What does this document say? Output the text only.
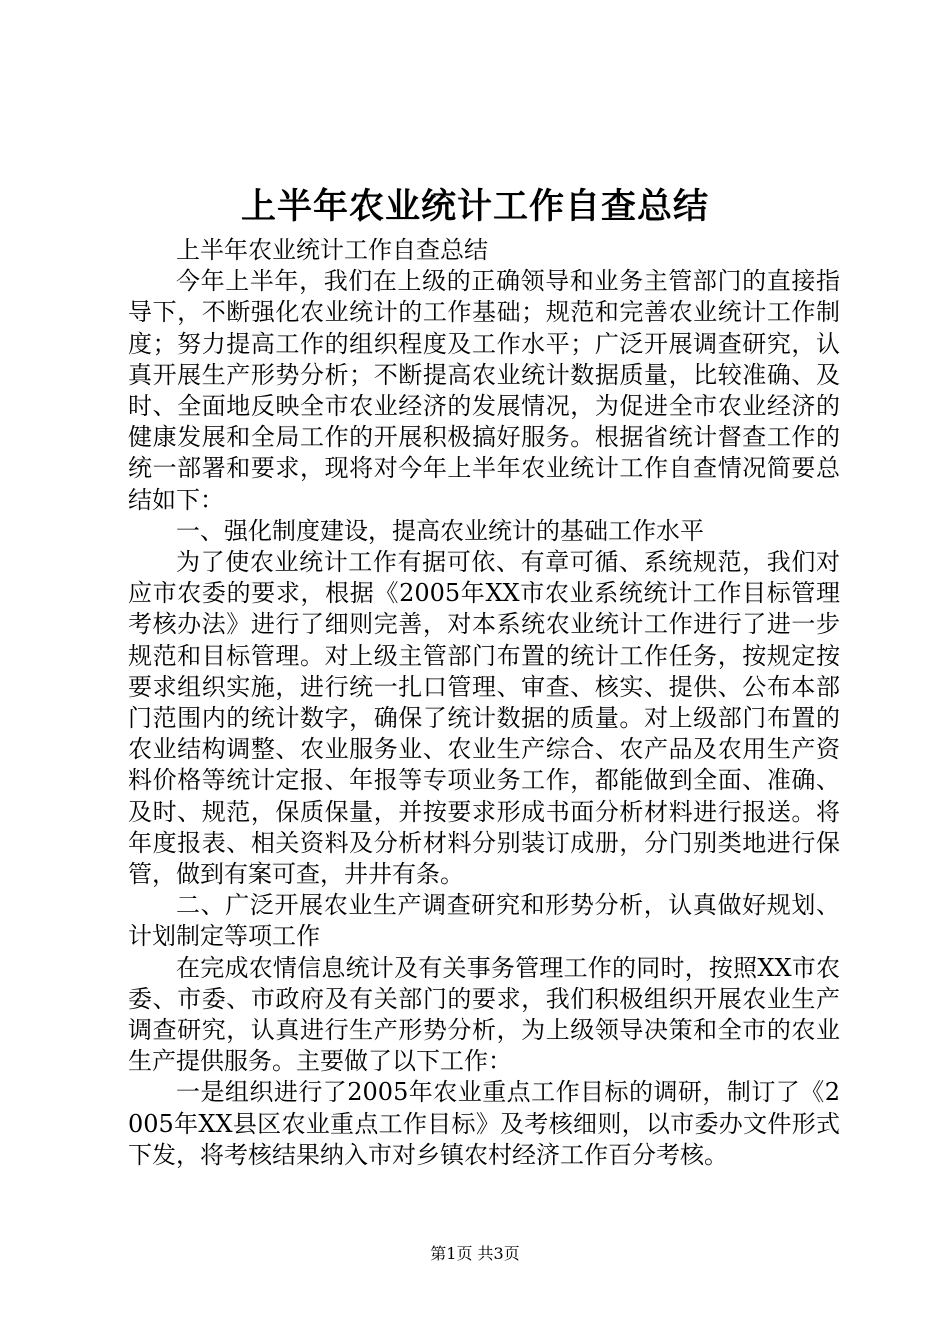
上半年农业统计工作自查总结

上半年农业统计工作自查总结

今年上半年，我们在上级的正确领导和业务主管部门的直接指导下，不断强化农业统计的工作基础；规范和完善农业统计工作制度；努力提高工作的组织程度及工作水平；广泛开展调查研究，认真开展生产形势分析；不断提高农业统计数据质量，比较准确、及时、全面地反映全市农业经济的发展情况，为促进全市农业经济的健康发展和全局工作的开展积极搞好服务。根据省统计督查工作的统一部署和要求，现将对今年上半年农业统计工作自查情况简要总结如下：

一、强化制度建设，提高农业统计的基础工作水平

为了使农业统计工作有据可依、有章可循、系统规范，我们对应市农委的要求，根据《2005年XX市农业系统统计工作目标管理考核办法》进行了细则完善，对本系统农业统计工作进行了进一步规范和目标管理。对上级主管部门布置的统计工作任务，按规定按要求组织实施，进行统一扎口管理、审查、核实、提供、公布本部门范围内的统计数字，确保了统计数据的质量。对上级部门布置的农业结构调整、农业服务业、农业生产综合、农产品及农用生产资料价格等统计定报、年报等专项业务工作，都能做到全面、准确、及时、规范，保质保量，并按要求形成书面分析材料进行报送。将年度报表、相关资料及分析材料分别装订成册，分门别类地进行保管，做到有案可查，井井有条。

二、广泛开展农业生产调查研究和形势分析，认真做好规划、计划制定等项工作

在完成农情信息统计及有关事务管理工作的同时，按照XX市农委、市委、市政府及有关部门的要求，我们积极组织开展农业生产调查研究，认真进行生产形势分析，为上级领导决策和全市的农业生产提供服务。主要做了以下工作：

一是组织进行了2005年农业重点工作目标的调研，制订了《2005年XX县区农业重点工作目标》及考核细则，以市委办文件形式下发，将考核结果纳入市对乡镇农村经济工作百分考核。

第1页 共3页
